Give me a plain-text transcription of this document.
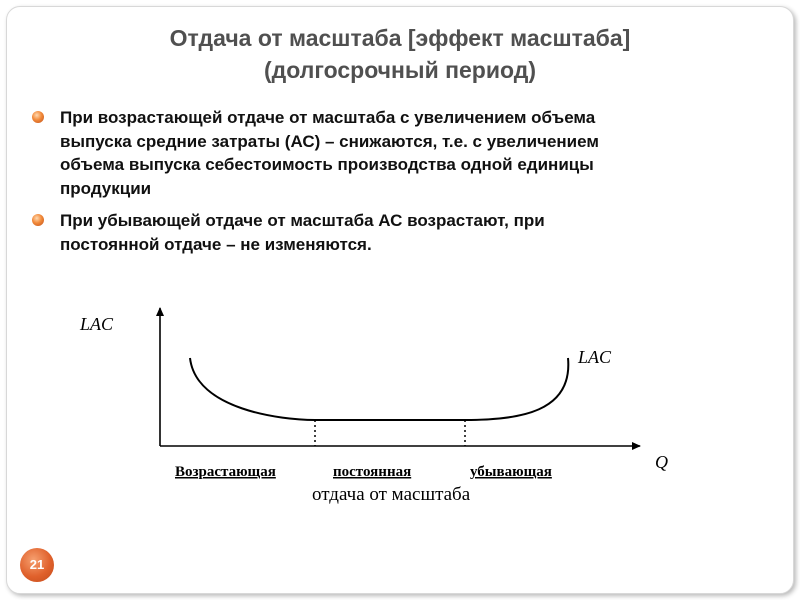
Отдача от масштаба [эффект масштаба]
(долгосрочный период)
При возрастающей отдаче от масштаба с увеличением объема
выпуска средние затраты (АС) – снижаются, т.е. с увеличением
объема выпуска себестоимость производства одной единицы
продукции
При убывающей отдаче от масштаба АС возрастают, при
постоянной отдаче – не изменяются.
LAC
Q
LAC
Возрастающая	постоянная	убывающая
отдача от масштаба
21
